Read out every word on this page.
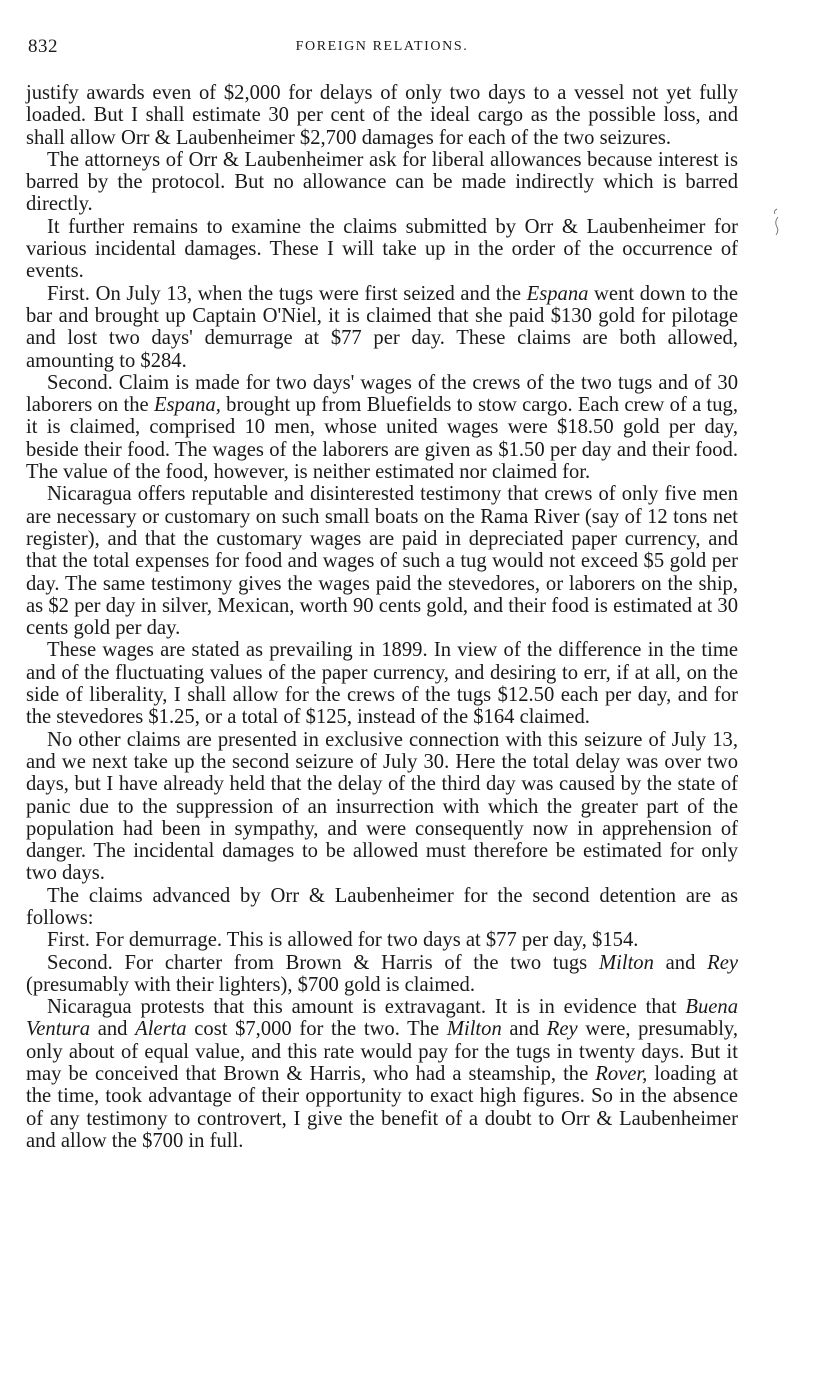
832	FOREIGN RELATIONS.

justify awards even of $2,000 for delays of only two days to a vessel not yet fully loaded. But I shall estimate 30 per cent of the ideal cargo as the possible loss, and shall allow Orr & Laubenheimer $2,700 damages for each of the two seizures.

The attorneys of Orr & Laubenheimer ask for liberal allowances because interest is barred by the protocol. But no allowance can be made indirectly which is barred directly.

It further remains to examine the claims submitted by Orr & Laubenheimer for various incidental damages. These I will take up in the order of the occurrence of events.

First. On July 13, when the tugs were first seized and the Espana went down to the bar and brought up Captain O'Niel, it is claimed that she paid $130 gold for pilotage and lost two days' demurrage at $77 per day. These claims are both allowed, amounting to $284.

Second. Claim is made for two days' wages of the crews of the two tugs and of 30 laborers on the Espana, brought up from Bluefields to stow cargo. Each crew of a tug, it is claimed, comprised 10 men, whose united wages were $18.50 gold per day, beside their food. The wages of the laborers are given as $1.50 per day and their food. The value of the food, however, is neither estimated nor claimed for.

Nicaragua offers reputable and disinterested testimony that crews of only five men are necessary or customary on such small boats on the Rama River (say of 12 tons net register), and that the customary wages are paid in depreciated paper currency, and that the total expenses for food and wages of such a tug would not exceed $5 gold per day. The same testimony gives the wages paid the stevedores, or laborers on the ship, as $2 per day in silver, Mexican, worth 90 cents gold, and their food is estimated at 30 cents gold per day.

These wages are stated as prevailing in 1899. In view of the difference in the time and of the fluctuating values of the paper currency, and desiring to err, if at all, on the side of liberality, I shall allow for the crews of the tugs $12.50 each per day, and for the stevedores $1.25, or a total of $125, instead of the $164 claimed.

No other claims are presented in exclusive connection with this seizure of July 13, and we next take up the second seizure of July 30. Here the total delay was over two days, but I have already held that the delay of the third day was caused by the state of panic due to the suppression of an insurrection with which the greater part of the population had been in sympathy, and were consequently now in apprehension of danger. The incidental damages to be allowed must therefore be estimated for only two days.

The claims advanced by Orr & Laubenheimer for the second detention are as follows:

First. For demurrage. This is allowed for two days at $77 per day, $154.

Second. For charter from Brown & Harris of the two tugs Milton and Rey (presumably with their lighters), $700 gold is claimed.

Nicaragua protests that this amount is extravagant. It is in evidence that Buena Ventura and Alerta cost $7,000 for the two. The Milton and Rey were, presumably, only about of equal value, and this rate would pay for the tugs in twenty days. But it may be conceived that Brown & Harris, who had a steamship, the Rover, loading at the time, took advantage of their opportunity to exact high figures. So in the absence of any testimony to controvert, I give the benefit of a doubt to Orr & Laubenheimer and allow the $700 in full.
